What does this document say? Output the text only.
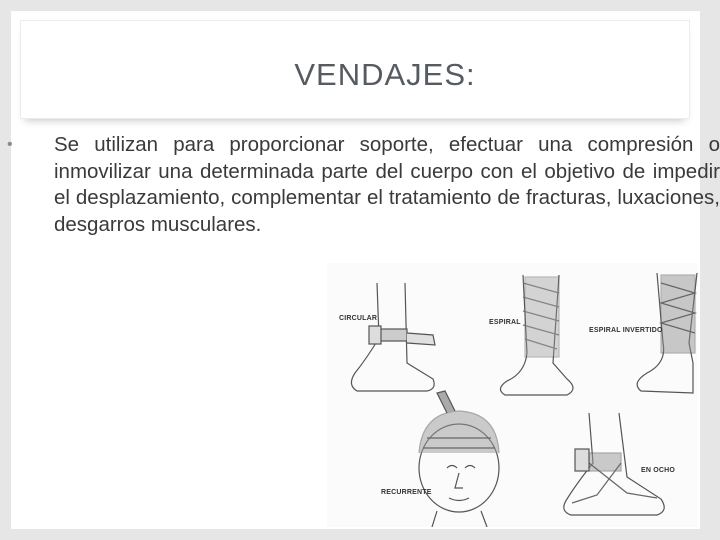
VENDAJES:
• Se utilizan para proporcionar soporte, efectuar una compresión o inmovilizar una determinada parte del cuerpo con el objetivo de impedir el desplazamiento, complementar el tratamiento de fracturas, luxaciones, desgarros musculares.
CIRCULAR
ESPIRAL
ESPIRAL INVERTIDO
RECURRENTE
EN OCHO
